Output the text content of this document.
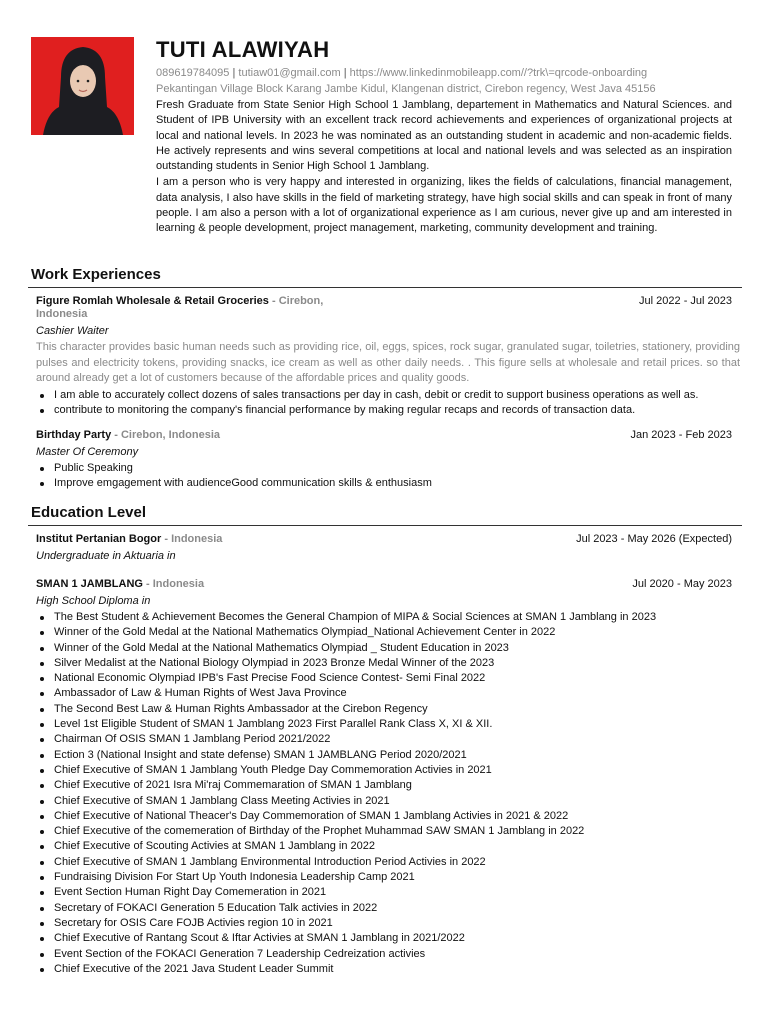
TUTI ALAWIYAH
089619784095 | tutiaw01@gmail.com | https://www.linkedinmobileapp.com//?trk\=qrcode-onboarding
Pekantingan Village Block Karang Jambe Kidul, Klangenan district, Cirebon regency, West Java 45156

Fresh Graduate from State Senior High School 1 Jamblang, departement in Mathematics and Natural Sciences. and Student of IPB University with an excellent track record achievements and experiences of organizational projects at local and national levels. In 2023 he was nominated as an outstanding student in academic and non-academic fields. He actively represents and wins several competitions at local and national levels and was selected as an inspiration outstanding students in Senior High School 1 Jamblang.

I am a person who is very happy and interested in organizing, likes the fields of calculations, financial management, data analysis, I also have skills in the field of marketing strategy, have high social skills and can speak in front of many people. I am also a person with a lot of organizational experience as I am curious, never give up and am interested in learning & people development, project management, marketing, community development and training.

Work Experiences
Figure Romlah Wholesale & Retail Groceries - Cirebon, Indonesia
Jul 2022 - Jul 2023
Cashier Waiter
This character provides basic human needs such as providing rice, oil, eggs, spices, rock sugar, granulated sugar, toiletries, stationery, providing pulses and electricity tokens, providing snacks, ice cream as well as other daily needs. . This figure sells at wholesale and retail prices. so that around already get a lot of customers because of the affordable prices and quality goods.
I am able to accurately collect dozens of sales transactions per day in cash, debit or credit to support business operations as well as.
contribute to monitoring the company's financial performance by making regular recaps and records of transaction data.
Birthday Party - Cirebon, Indonesia	Jan 2023 - Feb 2023
Master Of Ceremony
Public Speaking
Improve emgagement with audienceGood communication skills & enthusiasm
Education Level
Institut Pertanian Bogor - Indonesia	Jul 2023 - May 2026 (Expected)
Undergraduate in Aktuaria in
SMAN 1 JAMBLANG - Indonesia	Jul 2020 - May 2023
High School Diploma in
The Best Student & Achievement Becomes the General Champion of MIPA & Social Sciences at SMAN 1 Jamblang in 2023
Winner of the Gold Medal at the National Mathematics Olympiad_National Achievement Center in 2022
Winner of the Gold Medal at the National Mathematics Olympiad _ Student Education in 2023
Silver Medalist at the National Biology Olympiad in 2023 Bronze Medal Winner of the 2023
National Economic Olympiad IPB's Fast Precise Food Science Contest- Semi Final 2022
Ambassador of Law & Human Rights of West Java Province
The Second Best Law & Human Rights Ambassador at the Cirebon Regency
Level 1st Eligible Student of SMAN 1 Jamblang 2023 First Parallel Rank Class X, XI & XII.
Chairman Of OSIS SMAN 1 Jamblang Period 2021/2022
Ection 3 (National Insight and state defense) SMAN 1 JAMBLANG Period 2020/2021
Chief Executive of SMAN 1 Jamblang Youth Pledge Day Commemoration Activies in 2021
Chief Executive of 2021 Isra Mi'raj Commemaration of SMAN 1 Jamblang
Chief Executive of SMAN 1 Jamblang Class Meeting Activies in 2021
Chief Executive of National Theacer's Day Commemoration of SMAN 1 Jamblang Activies in 2021 & 2022
Chief Executive of the comemeration of Birthday of the Prophet Muhammad SAW SMAN 1 Jamblang in 2022
Chief Executive of Scouting Activies at SMAN 1 Jamblang in 2022
Chief Executive of SMAN 1 Jamblang Environmental Introduction Period Activies in 2022
Fundraising Division For Start Up Youth Indonesia Leadership Camp 2021
Event Section Human Right Day Comemeration in 2021
Secretary of FOKACI Generation 5 Education Talk activies in 2022
Secretary for OSIS Care FOJB Activies region 10 in 2021
Chief Executive of Rantang Scout & Iftar Activies at SMAN 1 Jamblang in 2021/2022
Event Section of the FOKACI Generation 7 Leadership Cedreization activies
Chief Executive of the 2021 Java Student Leader Summit
